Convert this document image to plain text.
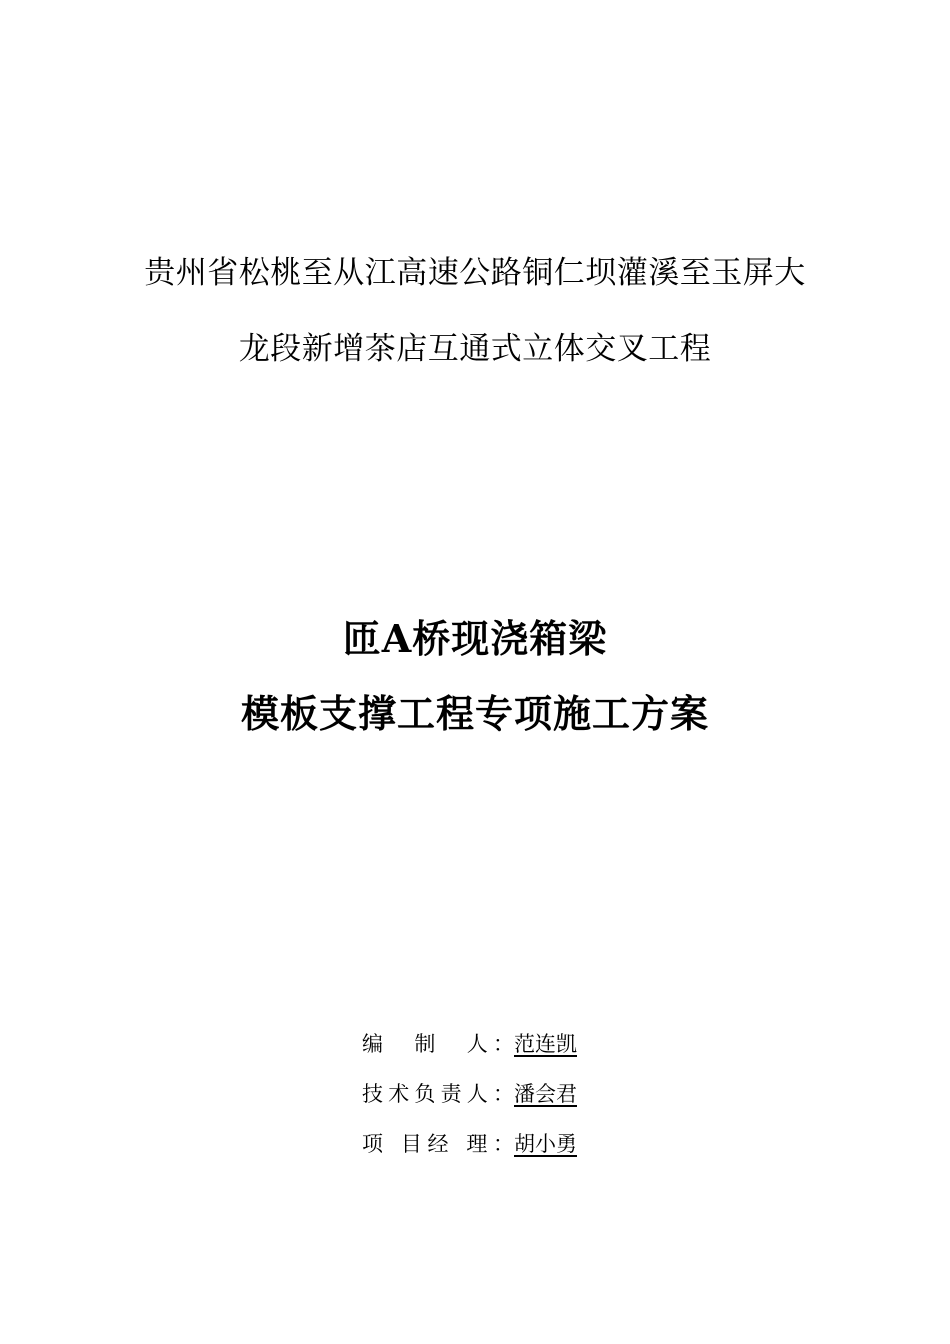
贵州省松桃至从江高速公路铜仁坝灌溪至玉屏大
龙段新增茶店互通式立体交叉工程
匝A桥现浇箱梁
模板支撑工程专项施工方案
编　制　人：范连凯
技术负责人：潘会君
项 目经 理：胡小勇
